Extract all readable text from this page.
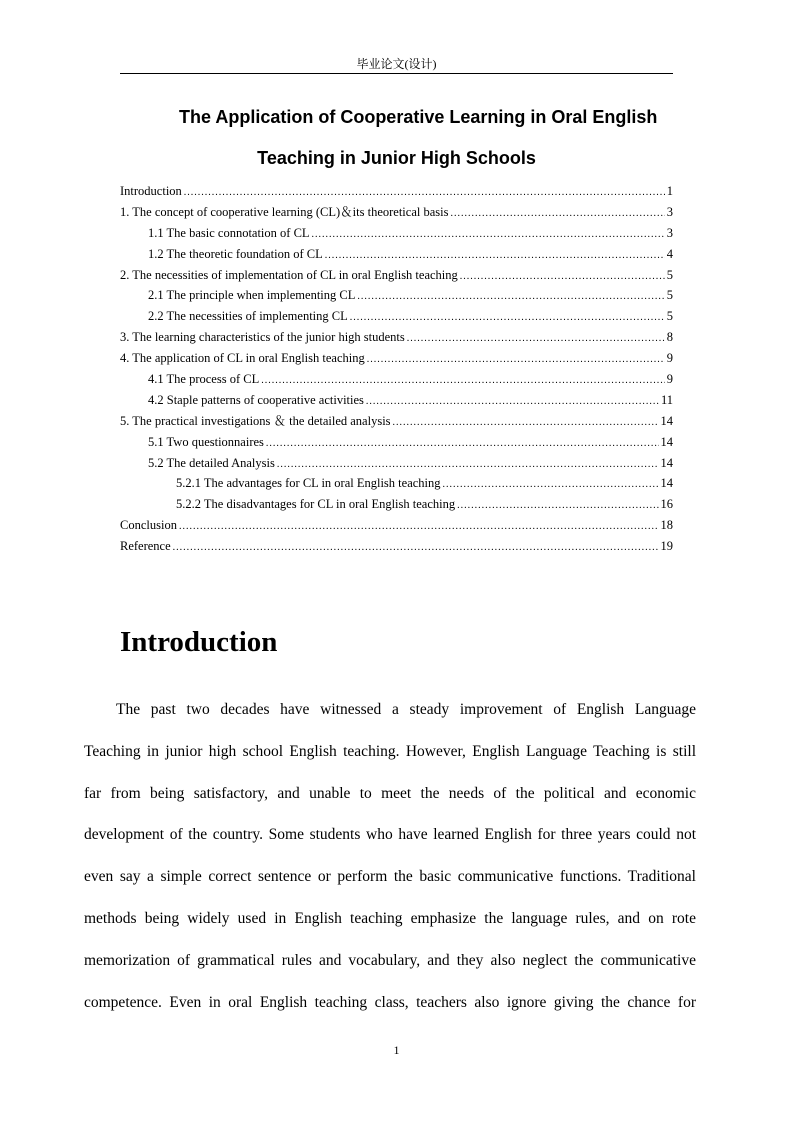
毕业论文(设计)
The Application of Cooperative Learning in Oral English
Teaching in Junior High Schools
Introduction .....	1
1. The concept of cooperative learning (CL)＆its theoretical basis .....	3
1.1 The basic connotation of CL .....	3
1.2 The theoretic foundation of CL .....	4
2. The necessities of implementation of CL in oral English teaching .....	5
2.1 The principle when implementing CL .....	5
2.2 The necessities of implementing CL .....	5
3. The learning characteristics of the junior high students .....	8
4. The application of CL in oral English teaching .....	9
4.1 The process of CL .....	9
4.2 Staple patterns of cooperative activities .....	11
5. The practical investigations ＆ the detailed analysis .....	14
5.1 Two questionnaires .....	14
5.2 The detailed Analysis .....	14
5.2.1 The advantages for CL in oral English teaching .....	14
5.2.2 The disadvantages for CL in oral English teaching .....	16
Conclusion .....	18
Reference .....	19
Introduction
The past two decades have witnessed a steady improvement of English Language
Teaching in junior high school English teaching. However, English Language Teaching is still
far from being satisfactory, and unable to meet the needs of the political and economic
development of the country. Some students who have learned English for three years could not
even say a simple correct sentence or perform the basic communicative functions. Traditional
methods being widely used in English teaching emphasize the language rules, and on rote
memorization of grammatical rules and vocabulary, and they also neglect the communicative
competence. Even in oral English teaching class, teachers also ignore giving the chance for
1
